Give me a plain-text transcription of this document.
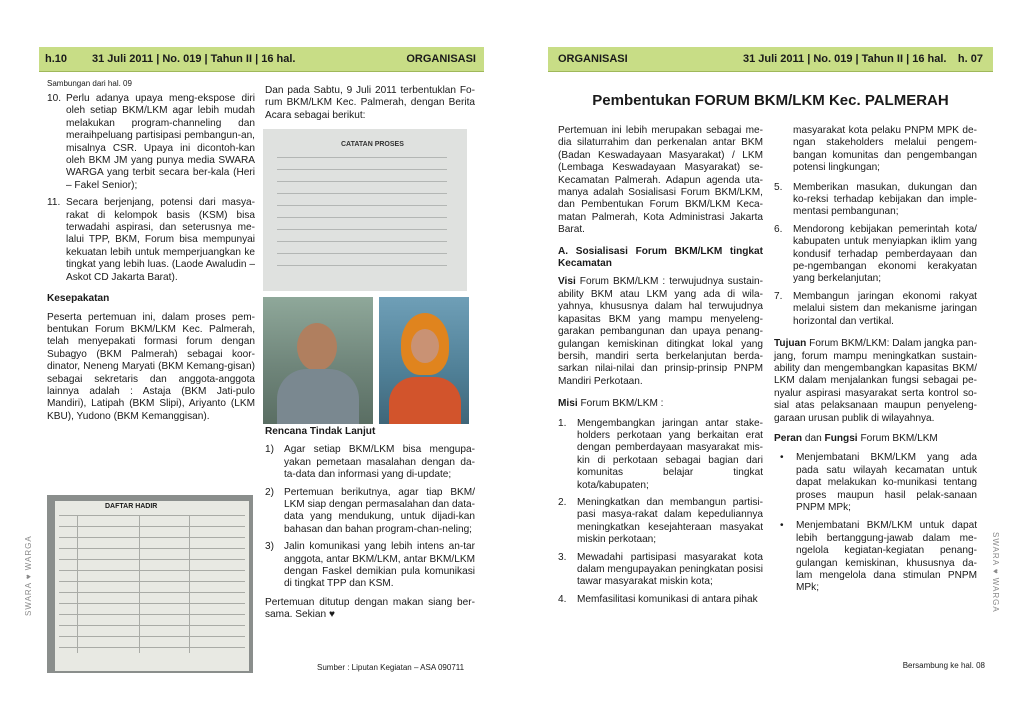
h.10 31 Juli 2011 | No. 019 | Tahun II | 16 hal.	ORGANISASI

Sambungan dari hal. 09

10. Perlu adanya upaya meng-ekspose diri oleh setiap BKM/LKM agar lebih mudah melakukan program-channeling dan meraihpeluang partisipasi pembangun-an, misalnya CSR. Upaya ini dicontoh-kan oleh BKM JM yang punya media SWARA WARGA yang terbit secara ber-kala (Heri – Fakel Senior);
11. Secara berjenjang, potensi dari masya-rakat di kelompok basis (KSM) bisa terwadahi aspirasi, dan seterusnya me-lalui TPP, BKM, Forum bisa mempunyai kekuatan lebih untuk memperjuangkan ke tingkat yang lebih luas. (Laode Awaludin – Askot CD Jakarta Barat).

Kesepakatan

Peserta pertemuan ini, dalam proses pem-bentukan Forum BKM/LKM Kec. Palmerah, telah menyepakati formasi forum dengan Subagyo (BKM Palmerah) sebagai koor-dinator, Neneng Maryati (BKM Kemang-gisan) sebagai sekretaris dan anggota-anggota lainnya adalah : Astaja (BKM Jati-pulo Mandiri), Latipah (BKM Slipi), Ariyanto (LKM KBU), Yudono (BKM Kemanggisan).

DAFTAR HADIR

Dan pada Sabtu, 9 Juli 2011 terbentuklan Fo-rum BKM/LKM Kec. Palmerah, dengan Berita Acara sebagai berikut:

CATATAN PROSES

Rencana Tindak Lanjut

1) Agar setiap BKM/LKM bisa mengupa-yakan pemetaan masalahan dengan da-ta-data dan informasi yang di-update;
2) Pertemuan berikutnya, agar tiap BKM/ LKM siap dengan permasalahan dan data-data yang mendukung, untuk dijadi-kan bahasan dan bahan program-chan-neling;
3) Jalin komunikasi yang lebih intens an-tar anggota, antar BKM/LKM, antar BKM/LKM dengan Faskel demikian pula komunikasi di tingkat TPP dan KSM.

Pertemuan ditutup dengan makan siang ber-sama. Sekian ♥

Sumber : Liputan Kegiatan – ASA 090711
SWARA ♥ WARGA
ORGANISASI	31 Juli 2011 | No. 019 | Tahun II | 16 hal. h. 07
Pembentukan FORUM BKM/LKM Kec. PALMERAH

Pertemuan ini lebih merupakan sebagai me-dia silaturrahim dan perkenalan antar BKM (Badan Keswadayaan Masyarakat) / LKM (Lembaga Keswadayaan Masyarakat) se-Kecamatan Palmerah. Adapun agenda uta-manya adalah Sosialisasi Forum BKM/LKM, dan Pembentukan Forum BKM/LKM Keca-matan Palmerah, Kota Administrasi Jakarta Barat.

A. Sosialisasi Forum BKM/LKM tingkat Kecamatan

Visi Forum BKM/LKM : terwujudnya sustain-ability BKM atau LKM yang ada di wila-yahnya, khususnya dalam hal terwujudnya kapasitas BKM yang mampu menyeleng-garakan pembangunan dan upaya penang-gulangan kemiskinan ditingkat lokal yang bersih, mandiri serta berkelanjutan berda-sarkan nilai-nilai dan prinsip-prinsip PNPM Mandiri Perkotaan.

Misi Forum BKM/LKM :

1. Mengembangkan jaringan antar stake-holders perkotaan yang berkaitan erat dengan pemberdayaan masyarakat mis-kin di perkotaan sebagai bagian dari komunitas belajar tingkat kota/kabupaten;
2. Meningkatkan dan membangun partisi-pasi masya-rakat dalam kepeduliannya meningkatkan kesejahteraan masyakat miskin perkotaan;
3. Mewadahi partisipasi masyarakat kota dalam mengupayakan peningkatan posisi tawar masyarakat miskin kota;
4. Memfasilitasi komunikasi di antara pihak

masyarakat kota pelaku PNPM MPK de-ngan stakeholders melalui pengem-bangan komunitas dan pengembangan potensi lingkungan;

5. Memberikan masukan, dukungan dan ko-reksi terhadap kebijakan dan imple-mentasi pembangunan;
6. Mendorong kebijakan pemerintah kota/ kabupaten untuk menyiapkan iklim yang kondusif terhadap pemberdayaan dan pe-ngembangan ekonomi kerakyatan yang berkelanjutan;
7. Membangun jaringan ekonomi rakyat melalui sistem dan mekanisme jaringan horizontal dan vertikal.

Tujuan Forum BKM/LKM: Dalam jangka pan-jang, forum mampu meningkatkan sustain-ability dan mengembangkan kapasitas BKM/ LKM dalam menjalankan fungsi sebagai pe-nyalur aspirasi masyarakat serta kontrol so-sial atas pelaksanaan maupun penyeleng-garaan urusan publik di wilayahnya.

Peran dan Fungsi Forum BKM/LKM

• Menjembatani BKM/LKM yang ada pada satu wilayah kecamatan untuk dapat melakukan ko-munikasi tentang proses maupun hasil pelak-sanaan PNPM MPk;
• Menjembatani BKM/LKM untuk dapat lebih bertanggung-jawab dalam me-ngelola kegiatan-kegiatan penang-gulangan kemiskinan, khususnya da-lam mengelola dana stimulan PNPM MPk;
Bersambung ke hal. 08
SWARA ♥ WARGA
